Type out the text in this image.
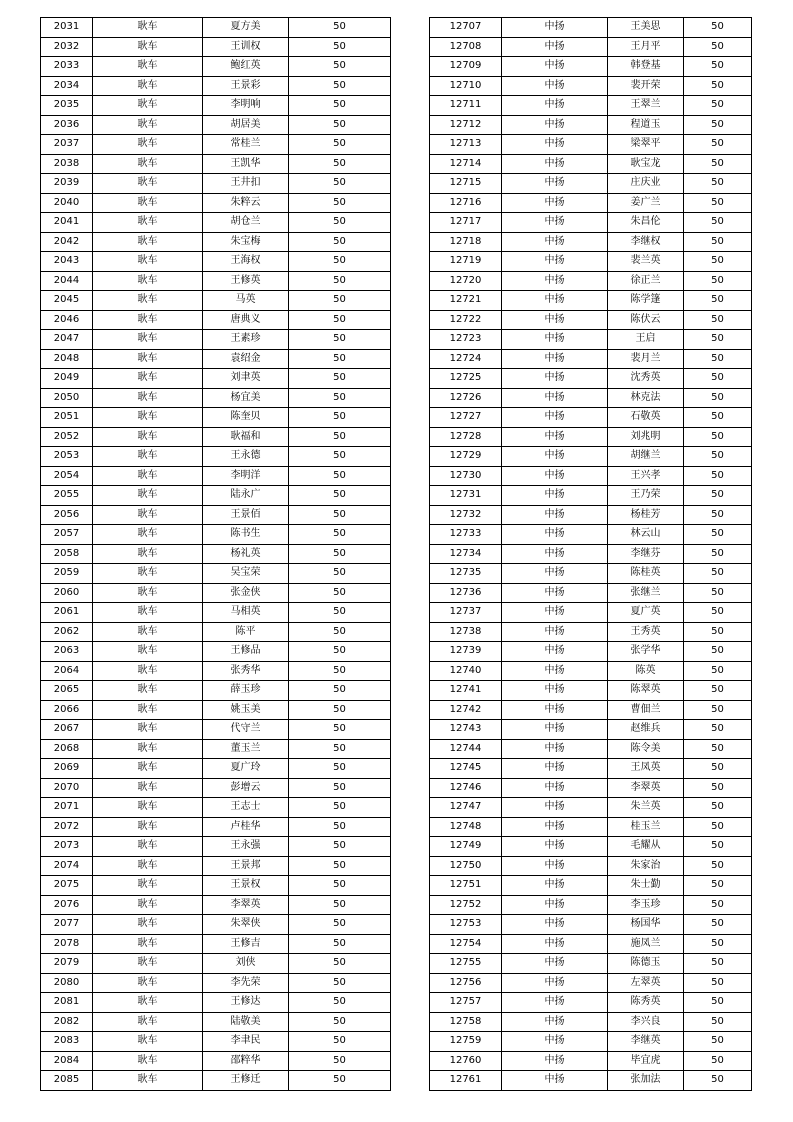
2031	耿车	夏方美	50
2032	耿车	王训权	50
2033	耿车	鲍红英	50
2034	耿车	王景彩	50
2035	耿车	李明响	50
2036	耿车	胡居美	50
2037	耿车	常桂兰	50
2038	耿车	王凯华	50
2039	耿车	王井扣	50
2040	耿车	朱粹云	50
2041	耿车	胡仓兰	50
2042	耿车	朱宝梅	50
2043	耿车	王海权	50
2044	耿车	王修英	50
2045	耿车	马英	50
2046	耿车	唐典义	50
2047	耿车	王素珍	50
2048	耿车	袁绍金	50
2049	耿车	刘聿英	50
2050	耿车	杨宜美	50
2051	耿车	陈奎贝	50
2052	耿车	耿福和	50
2053	耿车	王永德	50
2054	耿车	李明洋	50
2055	耿车	陆永广	50
2056	耿车	王景佰	50
2057	耿车	陈书生	50
2058	耿车	杨礼英	50
2059	耿车	吴宝荣	50
2060	耿车	张金侠	50
2061	耿车	马相英	50
2062	耿车	陈平	50
2063	耿车	王修品	50
2064	耿车	张秀华	50
2065	耿车	薛玉珍	50
2066	耿车	姚玉美	50
2067	耿车	代守兰	50
2068	耿车	董玉兰	50
2069	耿车	夏广玲	50
2070	耿车	彭增云	50
2071	耿车	王志士	50
2072	耿车	卢桂华	50
2073	耿车	王永强	50
2074	耿车	王景邦	50
2075	耿车	王景权	50
2076	耿车	李翠英	50
2077	耿车	朱翠侠	50
2078	耿车	王修吉	50
2079	耿车	刘侠	50
2080	耿车	李先荣	50
2081	耿车	王修达	50
2082	耿车	陆敬美	50
2083	耿车	李聿民	50
2084	耿车	邵粹华	50
2085	耿车	王修迁	50
12707	中扬	王美思	50
12708	中扬	王月平	50
12709	中扬	韩登基	50
12710	中扬	裴开荣	50
12711	中扬	王翠兰	50
12712	中扬	程道玉	50
12713	中扬	梁翠平	50
12714	中扬	耿宝龙	50
12715	中扬	庄庆业	50
12716	中扬	姜广兰	50
12717	中扬	朱昌伦	50
12718	中扬	李继权	50
12719	中扬	裴兰英	50
12720	中扬	徐正兰	50
12721	中扬	陈学篷	50
12722	中扬	陈伏云	50
12723	中扬	王启	50
12724	中扬	裴月兰	50
12725	中扬	沈秀英	50
12726	中扬	林克法	50
12727	中扬	石敬英	50
12728	中扬	刘兆明	50
12729	中扬	胡继兰	50
12730	中扬	王兴孝	50
12731	中扬	王乃荣	50
12732	中扬	杨桂芳	50
12733	中扬	林云山	50
12734	中扬	李继芬	50
12735	中扬	陈桂英	50
12736	中扬	张继兰	50
12737	中扬	夏广英	50
12738	中扬	王秀英	50
12739	中扬	张学华	50
12740	中扬	陈英	50
12741	中扬	陈翠英	50
12742	中扬	曹佃兰	50
12743	中扬	赵维兵	50
12744	中扬	陈令美	50
12745	中扬	王凤英	50
12746	中扬	李翠英	50
12747	中扬	朱兰英	50
12748	中扬	桂玉兰	50
12749	中扬	毛耀从	50
12750	中扬	朱家治	50
12751	中扬	朱士勤	50
12752	中扬	李玉珍	50
12753	中扬	杨国华	50
12754	中扬	施凤兰	50
12755	中扬	陈德玉	50
12756	中扬	左翠英	50
12757	中扬	陈秀英	50
12758	中扬	李兴良	50
12759	中扬	李继英	50
12760	中扬	毕宜虎	50
12761	中扬	张加法	50
